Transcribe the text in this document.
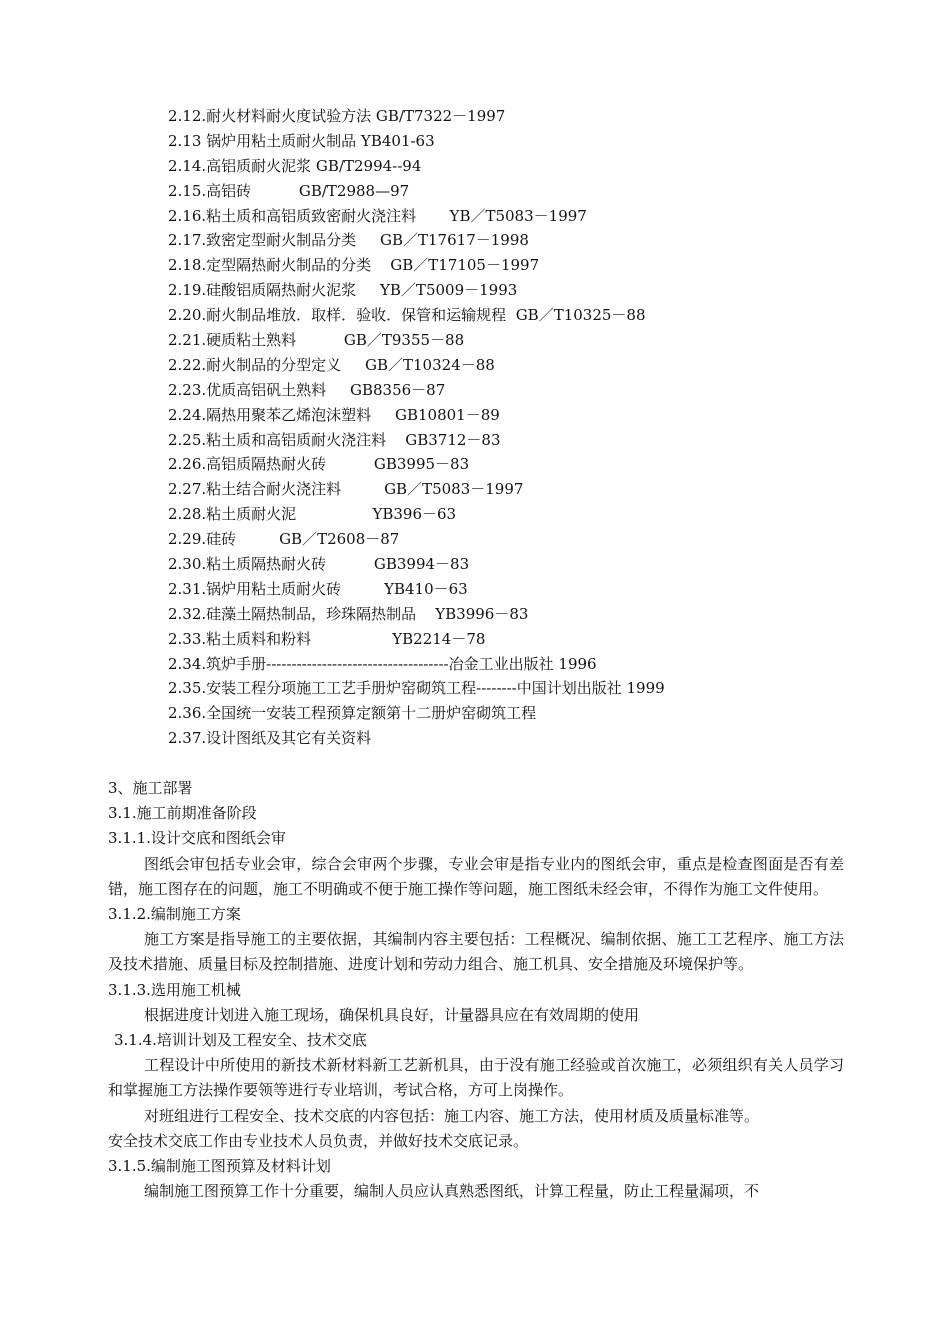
2.12.耐火材料耐火度试验方法 GB/T7322－1997
2.13 锅炉用粘土质耐火制品 YB401-63
2.14.高铝质耐火泥浆 GB/T2994--94
2.15.高铝砖          GB/T2988—97
2.16.粘土质和高铝质致密耐火浇注料       YB／T5083－1997
2.17.致密定型耐火制品分类     GB／T17617－1998
2.18.定型隔热耐火制品的分类    GB／T17105－1997
2.19.硅酸铝质隔热耐火泥浆     YB／T5009－1993
2.20.耐火制品堆放．取样．验收．保管和运输规程  GB／T10325－88
2.21.硬质粘土熟料          GB／T9355－88
2.22.耐火制品的分型定义     GB／T10324－88
2.23.优质高铝矾土熟料     GB8356－87
2.24.隔热用聚苯乙烯泡沫塑料     GB10801－89
2.25.粘土质和高铝质耐火浇注料    GB3712－83
2.26.高铝质隔热耐火砖          GB3995－83
2.27.粘土结合耐火浇注料         GB／T5083－1997
2.28.粘土质耐火泥                YB396－63
2.29.硅砖         GB／T2608－87
2.30.粘土质隔热耐火砖          GB3994－83
2.31.锅炉用粘土质耐火砖         YB410－63
2.32.硅藻土隔热制品，珍珠隔热制品    YB3996－83
2.33.粘土质料和粉料                 YB2214－78
2.34.筑炉手册------------------------------------冶金工业出版社 1996
2.35.安装工程分项施工工艺手册炉窑砌筑工程--------中国计划出版社 1999
2.36.全国统一安装工程预算定额第十二册炉窑砌筑工程
2.37.设计图纸及其它有关资料
3、施工部署
3.1.施工前期准备阶段
3.1.1.设计交底和图纸会审
图纸会审包括专业会审，综合会审两个步骤，专业会审是指专业内的图纸会审，重点是检查图面是否有差错，施工图存在的问题，施工不明确或不便于施工操作等问题，施工图纸未经会审，不得作为施工文件使用。
3.1.2.编制施工方案
施工方案是指导施工的主要依据，其编制内容主要包括：工程概况、编制依据、施工工艺程序、施工方法及技术措施、质量目标及控制措施、进度计划和劳动力组合、施工机具、安全措施及环境保护等。
3.1.3.选用施工机械
根据进度计划进入施工现场，确保机具良好，计量器具应在有效周期的使用
3.1.4.培训计划及工程安全、技术交底
工程设计中所使用的新技术新材料新工艺新机具，由于没有施工经验或首次施工，必须组织有关人员学习和掌握施工方法操作要领等进行专业培训，考试合格，方可上岗操作。
对班组进行工程安全、技术交底的内容包括：施工内容、施工方法，使用材质及质量标准等。
安全技术交底工作由专业技术人员负责，并做好技术交底记录。
3.1.5.编制施工图预算及材料计划
编制施工图预算工作十分重要，编制人员应认真熟悉图纸，计算工程量，防止工程量漏项，不
